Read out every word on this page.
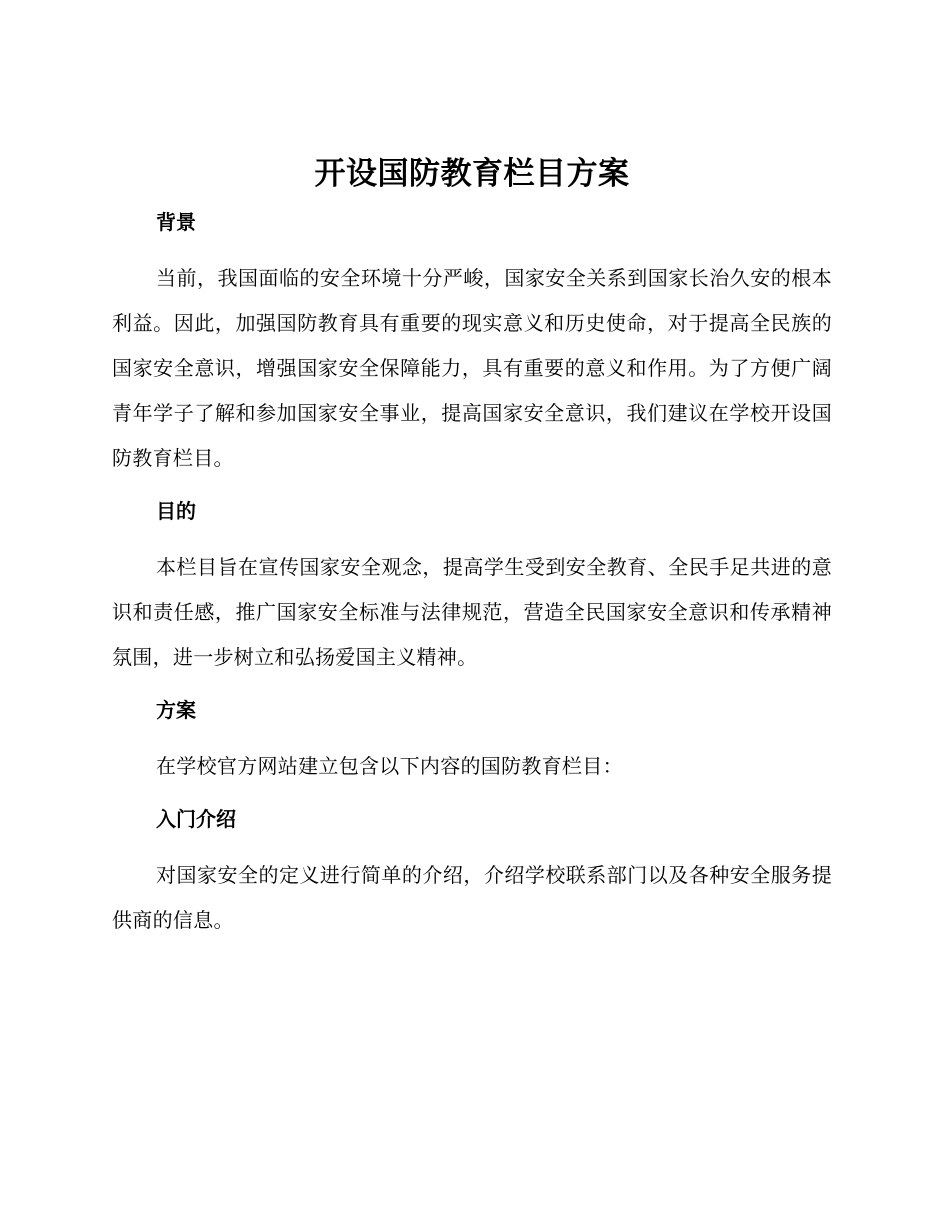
开设国防教育栏目方案
背景

当前，我国面临的安全环境十分严峻，国家安全关系到国家长治久安的根本利益。因此，加强国防教育具有重要的现实意义和历史使命，对于提高全民族的国家安全意识，增强国家安全保障能力，具有重要的意义和作用。为了方便广阔青年学子了解和参加国家安全事业，提高国家安全意识，我们建议在学校开设国防教育栏目。

目的

本栏目旨在宣传国家安全观念，提高学生受到安全教育、全民手足共进的意识和责任感，推广国家安全标准与法律规范，营造全民国家安全意识和传承精神氛围，进一步树立和弘扬爱国主义精神。

方案

在学校官方网站建立包含以下内容的国防教育栏目：

入门介绍

对国家安全的定义进行简单的介绍，介绍学校联系部门以及各种安全服务提供商的信息。
